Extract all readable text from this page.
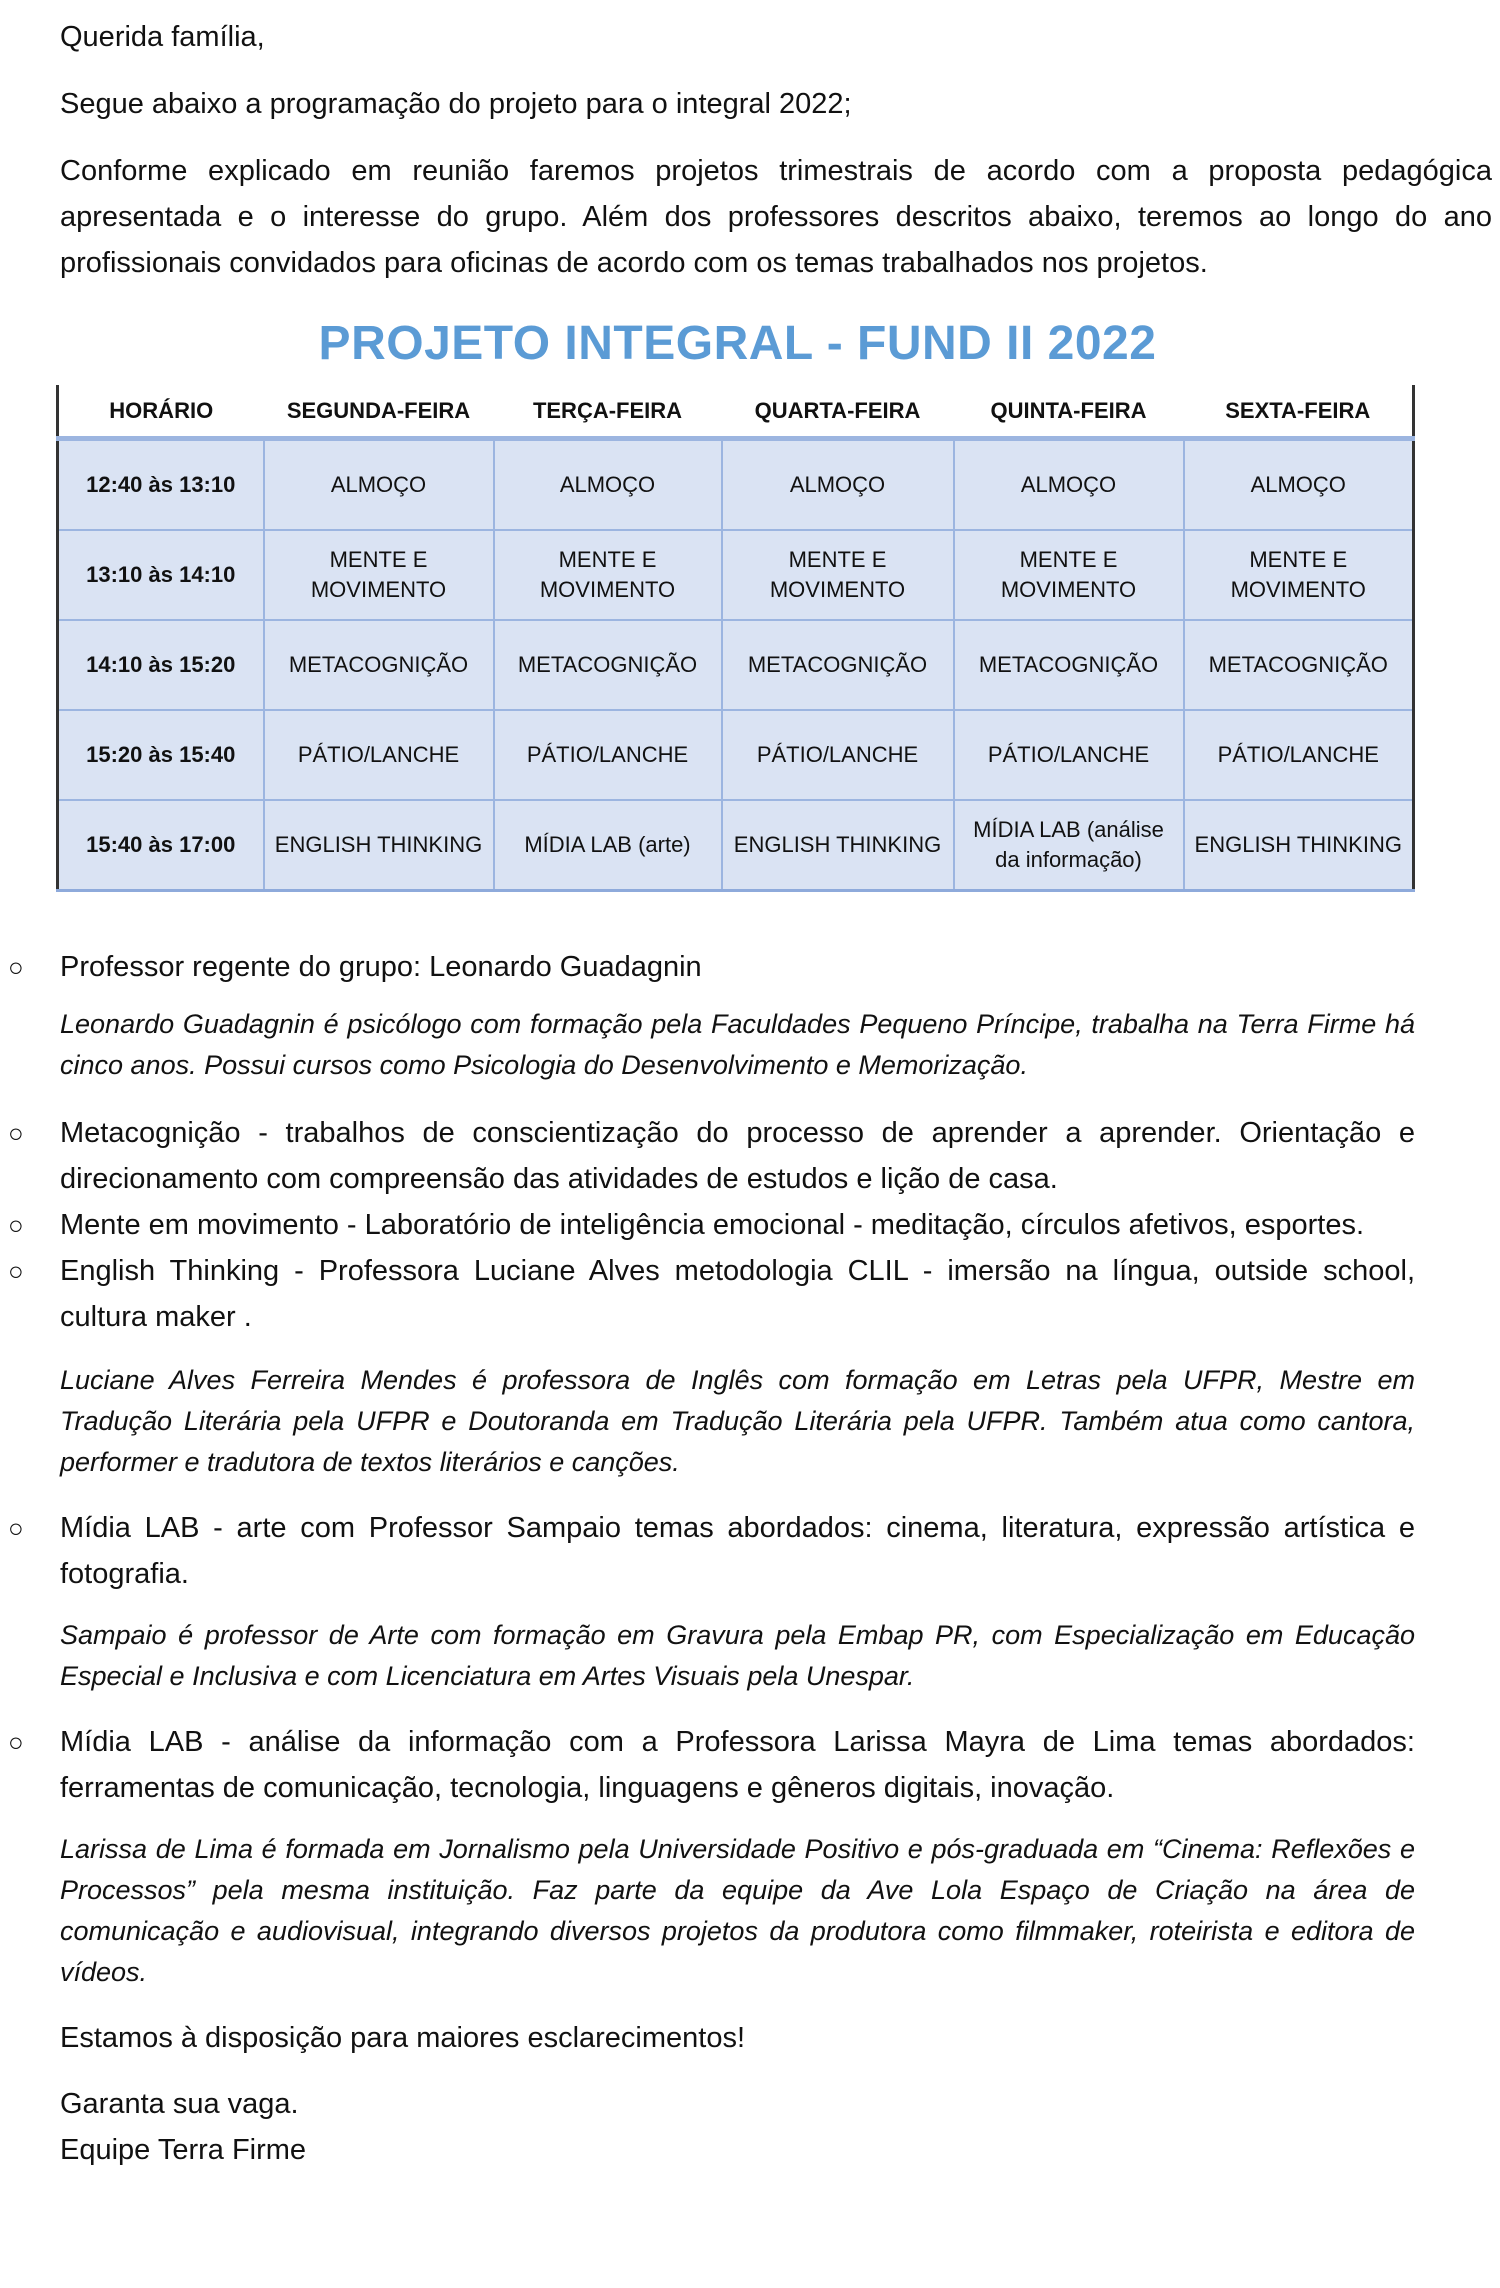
Querida família,

Segue abaixo a programação do projeto para o integral 2022;

Conforme explicado em reunião faremos projetos trimestrais de acordo com a proposta pedagógica apresentada e o interesse do grupo. Além dos professores descritos abaixo, teremos ao longo do ano profissionais convidados para oficinas de acordo com os temas trabalhados nos projetos.

PROJETO INTEGRAL - FUND II 2022
HORÁRIO	SEGUNDA-FEIRA	TERÇA-FEIRA	QUARTA-FEIRA	QUINTA-FEIRA	SEXTA-FEIRA
12:40 às 13:10	ALMOÇO	ALMOÇO	ALMOÇO	ALMOÇO	ALMOÇO
13:10 às 14:10	MENTE E MOVIMENTO	MENTE E MOVIMENTO	MENTE E MOVIMENTO	MENTE E MOVIMENTO	MENTE E MOVIMENTO
14:10 às 15:20	METACOGNIÇÃO	METACOGNIÇÃO	METACOGNIÇÃO	METACOGNIÇÃO	METACOGNIÇÃO
15:20 às 15:40	PÁTIO/LANCHE	PÁTIO/LANCHE	PÁTIO/LANCHE	PÁTIO/LANCHE	PÁTIO/LANCHE
15:40 às 17:00	ENGLISH THINKING	MÍDIA LAB (arte)	ENGLISH THINKING	MÍDIA LAB (análise da informação)	ENGLISH THINKING
○ Professor regente do grupo: Leonardo Guadagnin

Leonardo Guadagnin é psicólogo com formação pela Faculdades Pequeno Príncipe, trabalha na Terra Firme há cinco anos. Possui cursos como Psicologia do Desenvolvimento e Memorização.

○ Metacognição - trabalhos de conscientização do processo de aprender a aprender. Orientação e direcionamento com compreensão das atividades de estudos e lição de casa.

○ Mente em movimento - Laboratório de inteligência emocional - meditação, círculos afetivos, esportes.

○ English Thinking - Professora Luciane Alves metodologia CLIL - imersão na língua, outside school, cultura maker .

Luciane Alves Ferreira Mendes é professora de Inglês com formação em Letras pela UFPR, Mestre em Tradução Literária pela UFPR e Doutoranda em Tradução Literária pela UFPR. Também atua como cantora, performer e tradutora de textos literários e canções.

○ Mídia LAB - arte com Professor Sampaio temas abordados: cinema, literatura, expressão artística e fotografia.

Sampaio é professor de Arte com formação em Gravura pela Embap PR, com Especialização em Educação Especial e Inclusiva e com Licenciatura em Artes Visuais pela Unespar.

○ Mídia LAB - análise da informação com a Professora Larissa Mayra de Lima temas abordados: ferramentas de comunicação, tecnologia, linguagens e gêneros digitais, inovação.

Larissa de Lima é formada em Jornalismo pela Universidade Positivo e pós-graduada em “Cinema: Reflexões e Processos” pela mesma instituição. Faz parte da equipe da Ave Lola Espaço de Criação na área de comunicação e audiovisual, integrando diversos projetos da produtora como filmmaker, roteirista e editora de vídeos.

Estamos à disposição para maiores esclarecimentos!

Garanta sua vaga.

Equipe Terra Firme
